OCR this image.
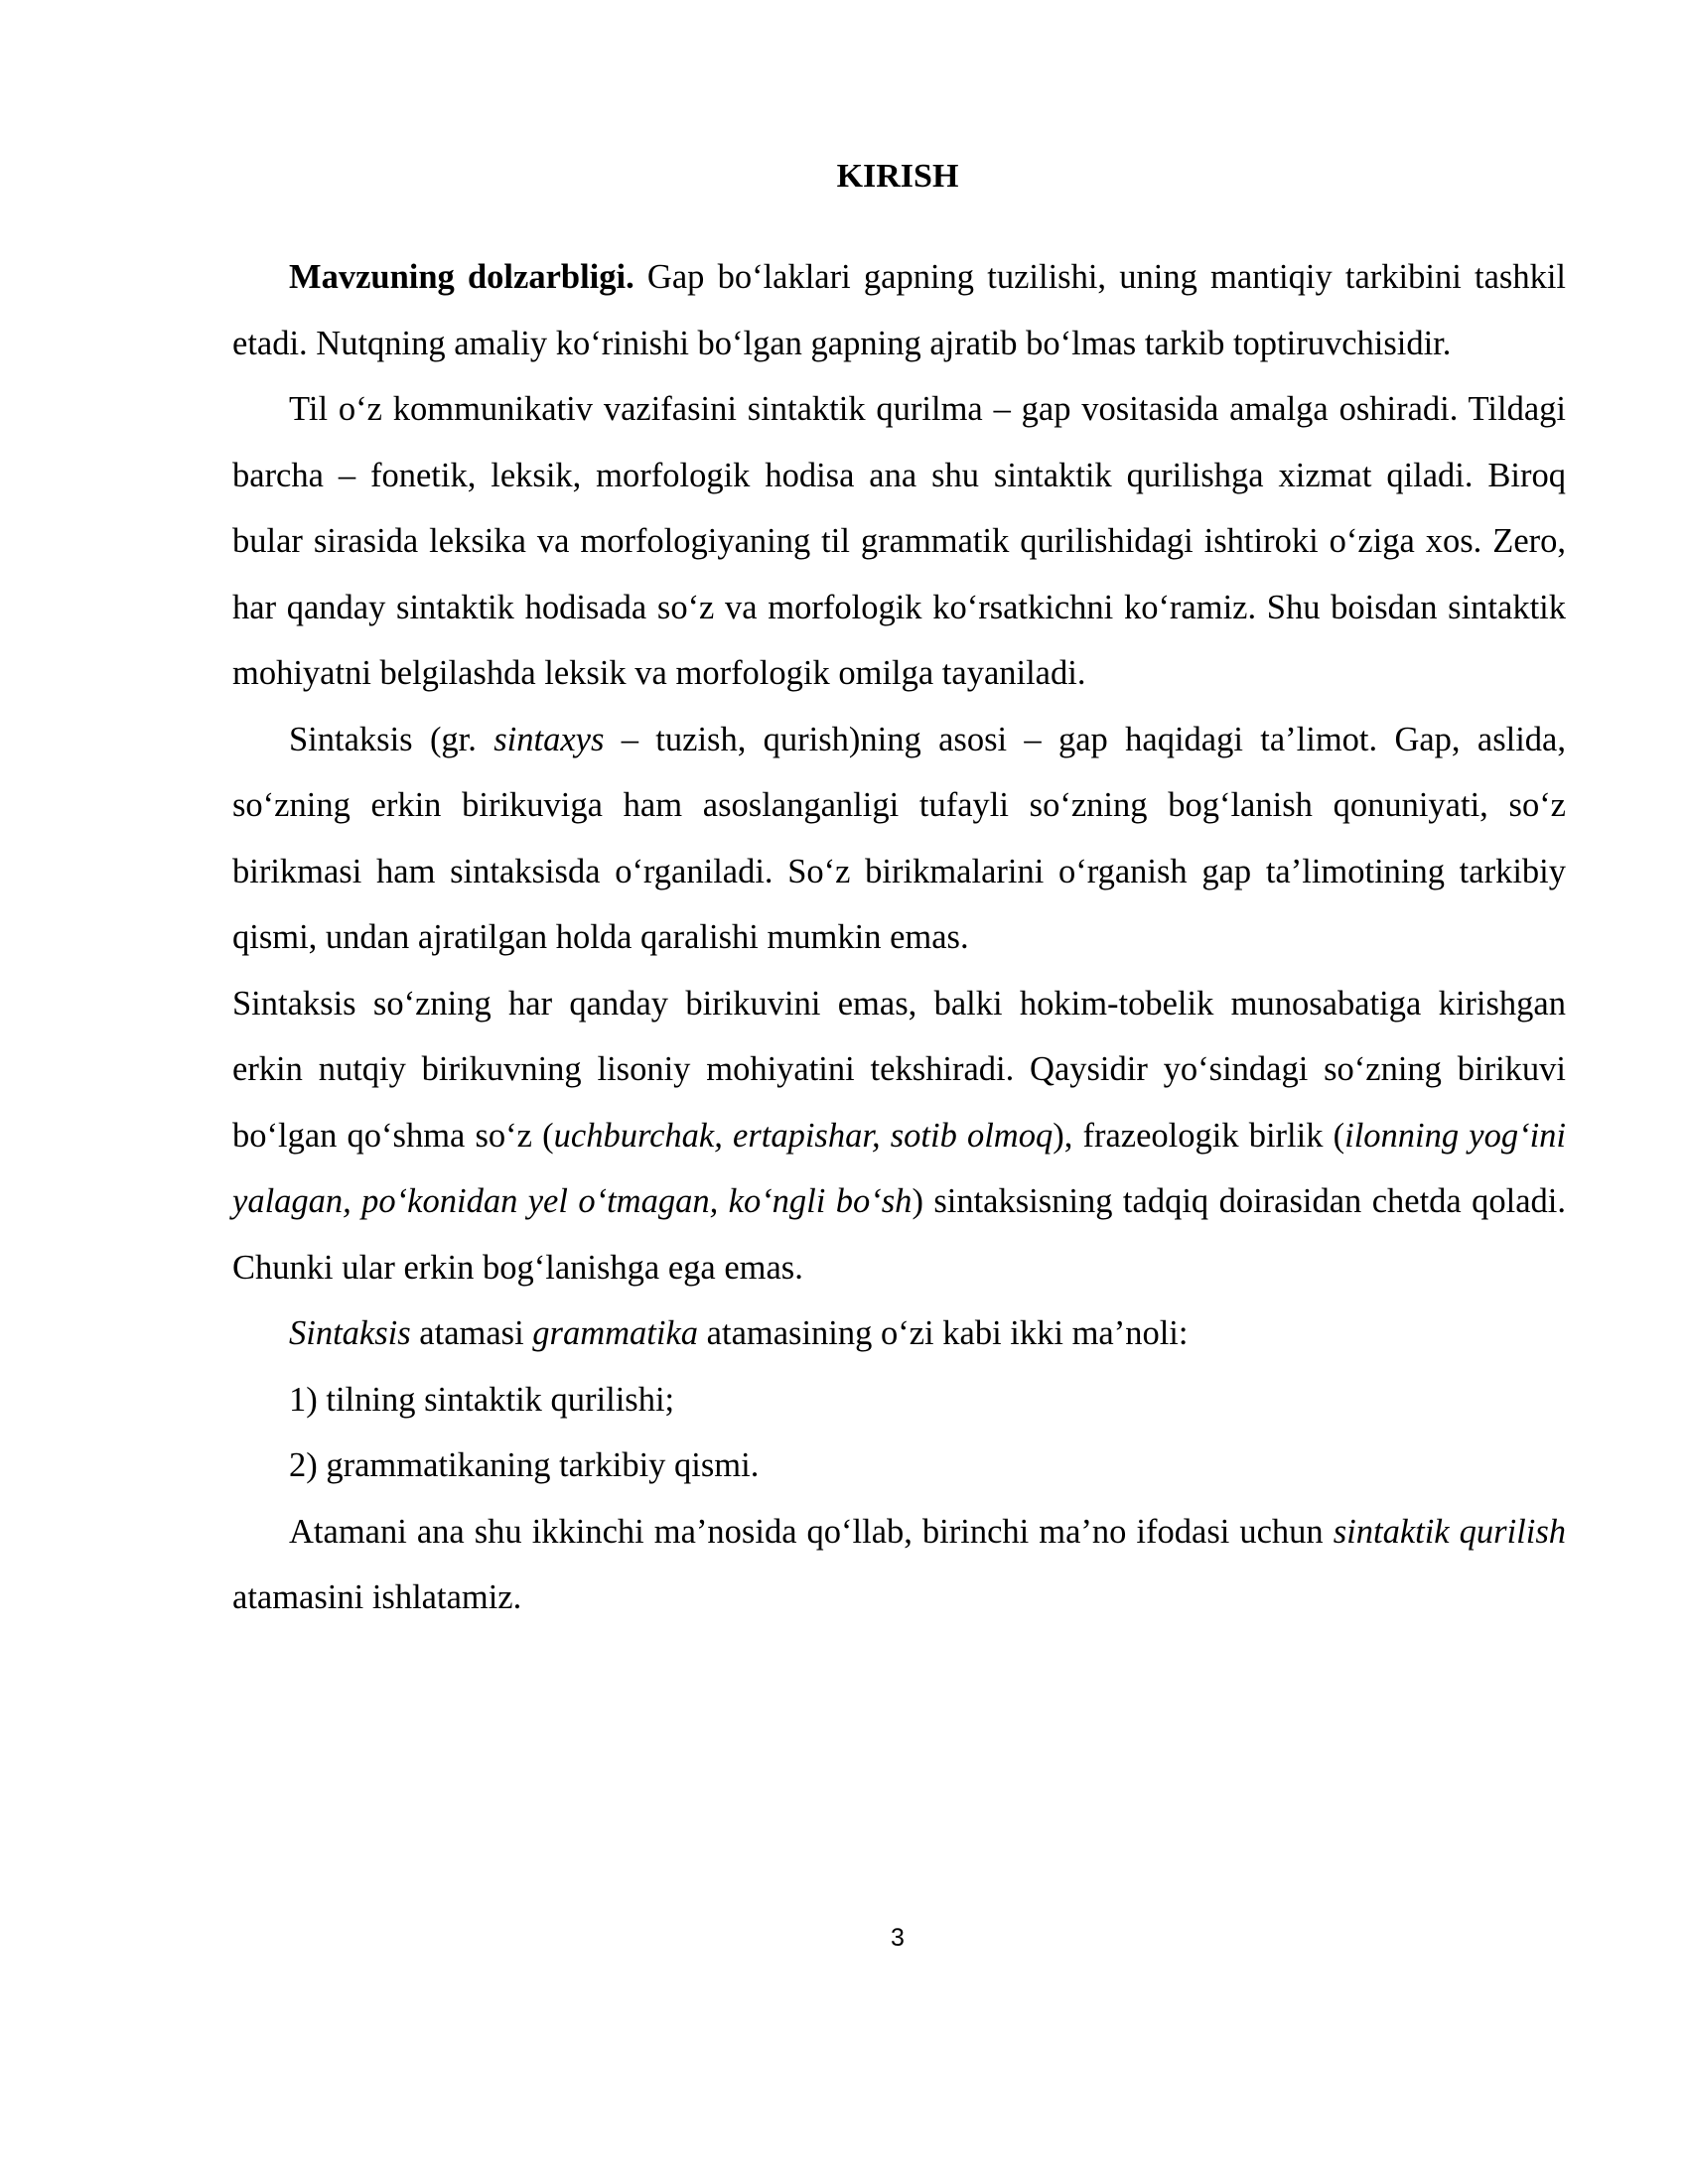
KIRISH

Mavzuning dolzarbligi. Gap bo‘laklari gapning tuzilishi, uning mantiqiy tarkibini tashkil etadi. Nutqning amaliy ko‘rinishi bo‘lgan gapning ajratib bo‘lmas tarkib toptiruvchisidir.

Til o‘z kommunikativ vazifasini sintaktik qurilma – gap vositasida amalga oshiradi. Tildagi barcha – fonetik, leksik, morfologik hodisa ana shu sintaktik qurilishga xizmat qiladi. Biroq bular sirasida leksika va morfologiyaning til grammatik qurilishidagi ishtiroki o‘ziga xos. Zero, har qanday sintaktik hodisada so‘z va morfologik ko‘rsatkichni ko‘ramiz. Shu boisdan sintaktik mohiyatni belgilashda leksik va morfologik omilga tayaniladi.

Sintaksis (gr. sintaxys – tuzish, qurish)ning asosi – gap haqidagi ta’limot. Gap, aslida, so‘zning erkin birikuviga ham asoslanganligi tufayli so‘zning bog‘lanish qonuniyati, so‘z birikmasi ham sintaksisda o‘rganiladi. So‘z birikmalarini o‘rganish gap ta’limotining tarkibiy qismi, undan ajratilgan holda qaralishi mumkin emas.

Sintaksis so‘zning har qanday birikuvini emas, balki hokim-tobelik munosabatiga kirishgan erkin nutqiy birikuvning lisoniy mohiyatini tekshiradi. Qaysidir yo‘sindagi so‘zning birikuvi bo‘lgan qo‘shma so‘z (uchburchak, ertapishar, sotib olmoq), frazeologik birlik (ilonning yog‘ini yalagan, po‘konidan yel o‘tmagan, ko‘ngli bo‘sh) sintaksisning tadqiq doirasidan chetda qoladi. Chunki ular erkin bog‘lanishga ega emas.

Sintaksis atamasi grammatika atamasining o‘zi kabi ikki ma’noli:

1) tilning sintaktik qurilishi;

2) grammatikaning tarkibiy qismi.

Atamani ana shu ikkinchi ma’nosida qo‘llab, birinchi ma’no ifodasi uchun sintaktik qurilish atamasini ishlatamiz.

3
